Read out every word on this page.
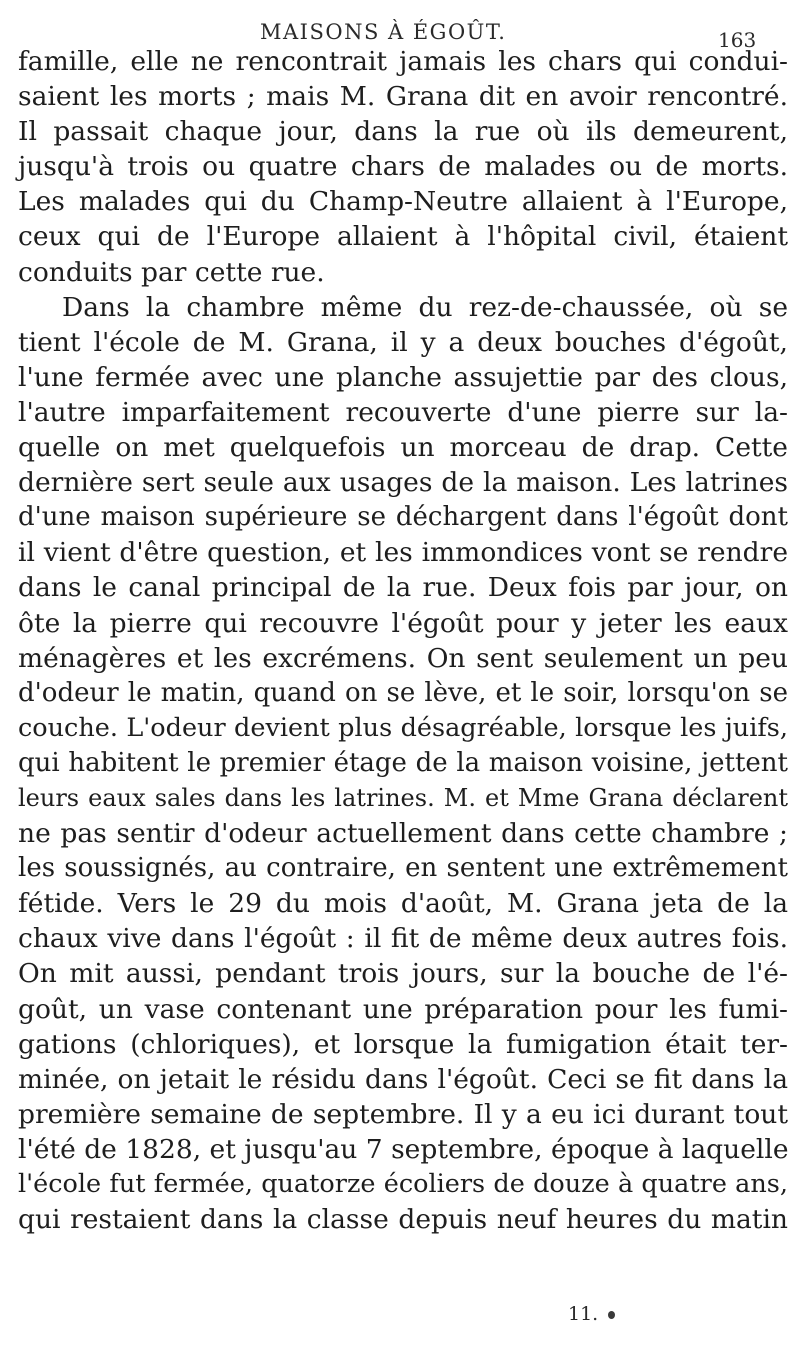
MAISONS À ÉGOÛT.	163
famille, elle ne rencontrait jamais les chars qui condui-
saient les morts ; mais M. Grana dit en avoir rencontré.
Il passait chaque jour, dans la rue où ils demeurent,
jusqu'à trois ou quatre chars de malades ou de morts.
Les malades qui du Champ-Neutre allaient à l'Europe,
ceux qui de l'Europe allaient à l'hôpital civil, étaient
conduits par cette rue.
Dans la chambre même du rez-de-chaussée, où se
tient l'école de M. Grana, il y a deux bouches d'égoût,
l'une fermée avec une planche assujettie par des clous,
l'autre imparfaitement recouverte d'une pierre sur la-
quelle on met quelquefois un morceau de drap. Cette
dernière sert seule aux usages de la maison. Les latrines
d'une maison supérieure se déchargent dans l'égoût dont
il vient d'être question, et les immondices vont se rendre
dans le canal principal de la rue. Deux fois par jour, on
ôte la pierre qui recouvre l'égoût pour y jeter les eaux
ménagères et les excrémens. On sent seulement un peu
d'odeur le matin, quand on se lève, et le soir, lorsqu'on se
couche. L'odeur devient plus désagréable, lorsque les juifs,
qui habitent le premier étage de la maison voisine, jettent
leurs eaux sales dans les latrines. M. et Mme Grana déclarent
ne pas sentir d'odeur actuellement dans cette chambre ;
les soussignés, au contraire, en sentent une extrêmement
fétide. Vers le 29 du mois d'août, M. Grana jeta de la
chaux vive dans l'égoût : il fit de même deux autres fois.
On mit aussi, pendant trois jours, sur la bouche de l'é-
goût, un vase contenant une préparation pour les fumi-
gations (chloriques), et lorsque la fumigation était ter-
minée, on jetait le résidu dans l'égoût. Ceci se fit dans la
première semaine de septembre. Il y a eu ici durant tout
l'été de 1828, et jusqu'au 7 septembre, époque à laquelle
l'école fut fermée, quatorze écoliers de douze à quatre ans,
qui restaient dans la classe depuis neuf heures du matin
11.
